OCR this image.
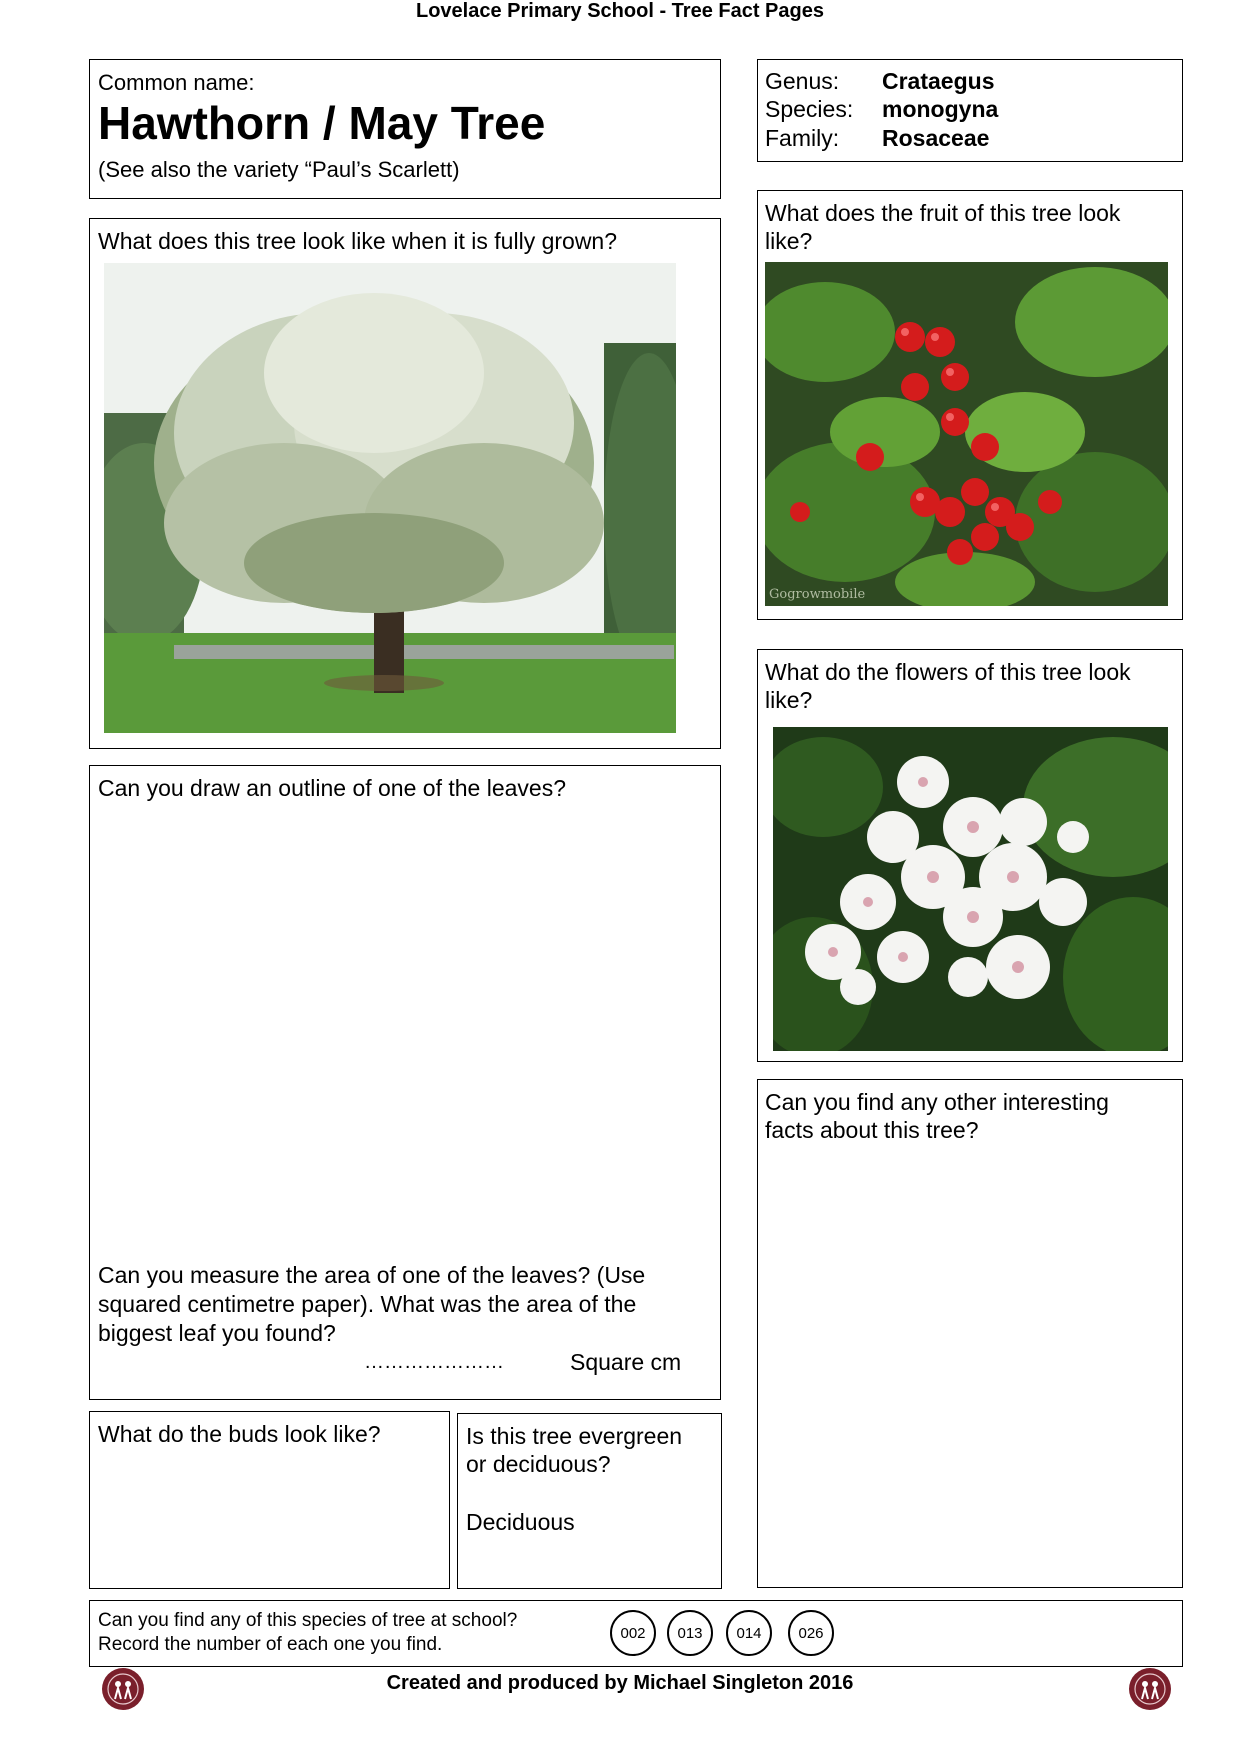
Lovelace Primary School - Tree Fact Pages
Common name:
Hawthorn / May Tree
(See also the variety “Paul’s Scarlett)
Genus: Crataegus
Species: monogyna
Family: Rosaceae
What does this tree look like when it is fully grown?
What does the fruit of this tree look
like?
Gogrowmobile
What do the flowers of this tree look
like?
Can you draw an outline of one of the leaves?
Can you measure the area of one of the leaves? (Use
squared centimetre paper). What was the area of the
biggest leaf you found?
…………………	Square cm
Can you find any other interesting
facts about this tree?
What do the buds look like?	Is this tree evergreen
or deciduous?
Deciduous
Can you find any of this species of tree at school?
Record the number of each one you find.
002	013	014	026
Created and produced by Michael Singleton 2016
